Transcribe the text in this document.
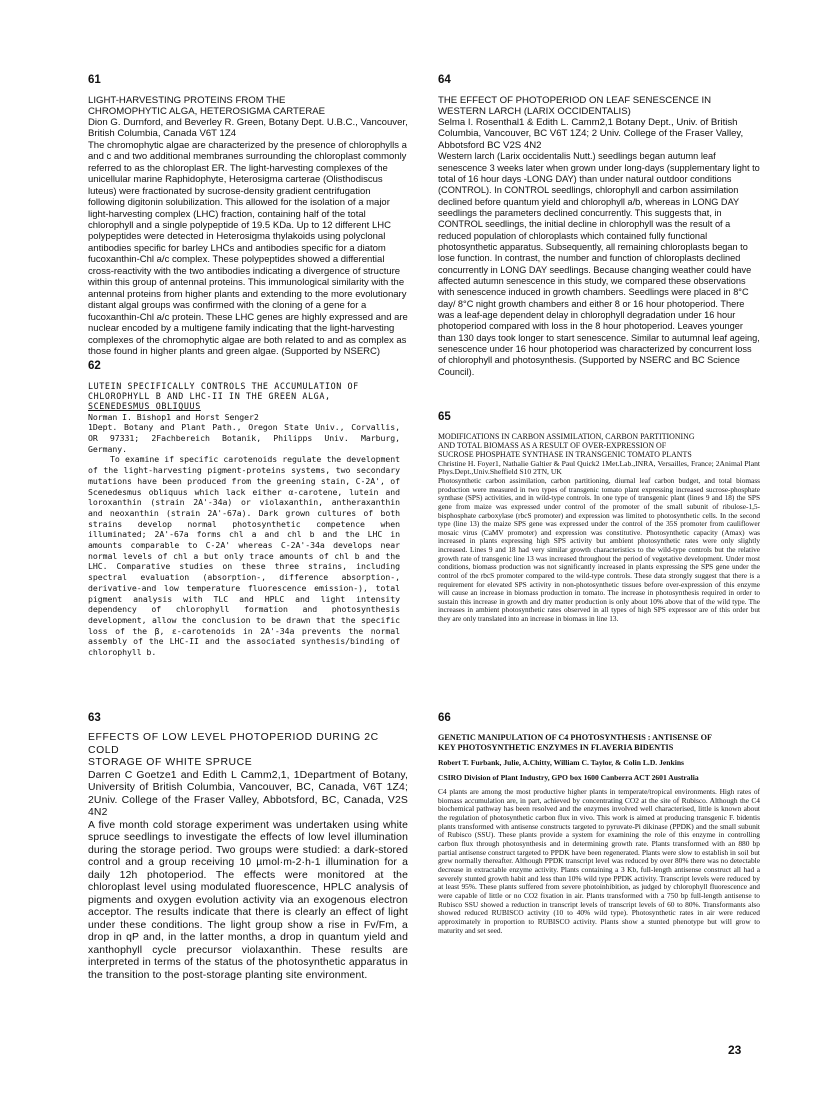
61
LIGHT-HARVESTING PROTEINS FROM THE
CHROMOPHYTIC ALGA, HETEROSIGMA CARTERAE
Dion G. Durnford, and Beverley R. Green, Botany Dept. U.B.C., Vancouver, British Columbia, Canada V6T 1Z4
The chromophytic algae are characterized by the presence of chlorophylls a and c and two additional membranes surrounding the chloroplast commonly referred to as the chloroplast ER. The light-harvesting complexes of the unicellular marine Raphidophyte, Heterosigma carterae (Olisthodiscus luteus) were fractionated by sucrose-density gradient centrifugation following digitonin solubilization. This allowed for the isolation of a major light-harvesting complex (LHC) fraction, containing half of the total chlorophyll and a single polypeptide of 19.5 KDa. Up to 12 different LHC polypeptides were detected in Heterosigma thylakoids using polyclonal antibodies specific for barley LHCs and antibodies specific for a diatom fucoxanthin-Chl a/c complex. These polypeptides showed a differential cross-reactivity with the two antibodies indicating a divergence of structure within this group of antennal proteins. This immunological similarity with the antennal proteins from higher plants and extending to the more evolutionary distant algal groups was confirmed with the cloning of a gene for a fucoxanthin-Chl a/c protein. These LHC genes are highly expressed and are nuclear encoded by a multigene family indicating that the light-harvesting complexes of the chromophytic algae are both related to and as complex as those found in higher plants and green algae. (Supported by NSERC)
62
LUTEIN SPECIFICALLY CONTROLS THE ACCUMULATION OF
CHLOROPHYLL B AND LHC-II IN THE GREEN ALGA,
SCENEDESMUS OBLIQUUS
Norman I. Bishop1 and Horst Senger2
1Dept. Botany and Plant Path., Oregon State Univ., Corvallis, OR 97331; 2Fachbereich Botanik, Philipps Univ. Marburg, Germany.
To examine if specific carotenoids regulate the development of the light-harvesting pigment-proteins systems, two secondary mutations have been produced from the greening stain, C-2A', of Scenedesmus obliquus which lack either α-carotene, lutein and loroxanthin (strain 2A'-34a) or violaxanthin, antheraxanthin and neoxanthin (strain 2A'-67a). Dark grown cultures of both strains develop normal photosynthetic competence when illuminated; 2A'-67a forms chl a and chl b and the LHC in amounts comparable to C-2A' whereas C-2A'-34a develops near normal levels of chl a but only trace amounts of chl b and the LHC. Comparative studies on these three strains, including spectral evaluation (absorption-, difference absorption-, derivative-and low temperature fluorescence emission-), total pigment analysis with TLC and HPLC and light intensity dependency of chlorophyll formation and photosynthesis development, allow the conclusion to be drawn that the specific loss of the β, ε-carotenoids in 2A'-34a prevents the normal assembly of the LHC-II and the associated synthesis/binding of chlorophyll b.
63
EFFECTS OF LOW LEVEL PHOTOPERIOD DURING 2C COLD
STORAGE OF WHITE SPRUCE
Darren C Goetze1 and Edith L Camm2,1, 1Department of Botany, University of British Columbia, Vancouver, BC, Canada, V6T 1Z4; 2Univ. College of the Fraser Valley, Abbotsford, BC, Canada, V2S 4N2
A five month cold storage experiment was undertaken using white spruce seedlings to investigate the effects of low level illumination during the storage period. Two groups were studied: a dark-stored control and a group receiving 10 µmol·m-2·h-1 illumination for a daily 12h photoperiod. The effects were monitored at the chloroplast level using modulated fluorescence, HPLC analysis of pigments and oxygen evolution activity via an exogenous electron acceptor. The results indicate that there is clearly an effect of light under these conditions. The light group show a rise in Fv/Fm, a drop in qP and, in the latter months, a drop in quantum yield and xanthophyll cycle precursor violaxanthin. These results are interpreted in terms of the status of the photosynthetic apparatus in the transition to the post-storage planting site environment.
64
THE EFFECT OF PHOTOPERIOD ON LEAF SENESCENCE IN
WESTERN LARCH (LARIX OCCIDENTALIS)
Selma I. Rosenthal1 & Edith L. Camm2,1 Botany Dept., Univ. of British Columbia, Vancouver, BC V6T 1Z4; 2 Univ. College of the Fraser Valley, Abbotsford BC V2S 4N2
Western larch (Larix occidentalis Nutt.) seedlings began autumn leaf senescence 3 weeks later when grown under long-days (supplementary light to total of 16 hour days -LONG DAY) than under natural outdoor conditions (CONTROL). In CONTROL seedlings, chlorophyll and carbon assimilation declined before quantum yield and chlorophyll a/b, whereas in LONG DAY seedlings the parameters declined concurrently. This suggests that, in CONTROL seedlings, the initial decline in chlorophyll was the result of a reduced population of chloroplasts which contained fully functional photosynthetic apparatus. Subsequently, all remaining chloroplasts began to lose function. In contrast, the number and function of chloroplasts declined concurrently in LONG DAY seedlings. Because changing weather could have affected autumn senescence in this study, we compared these observations with senescence induced in growth chambers. Seedlings were placed in 8°C day/ 8°C night growth chambers and either 8 or 16 hour photoperiod. There was a leaf-age dependent delay in chlorophyll degradation under 16 hour photoperiod compared with loss in the 8 hour photoperiod. Leaves younger than 130 days took longer to start senescence. Similar to autumnal leaf ageing, senescence under 16 hour photoperiod was characterized by concurrent loss of chlorophyll and photosynthesis. (Supported by NSERC and BC Science Council).
65
MODIFICATIONS IN CARBON ASSIMILATION, CARBON PARTITIONING
AND TOTAL BIOMASS AS A RESULT OF OVER-EXPRESSION OF
SUCROSE PHOSPHATE SYNTHASE IN TRANSGENIC TOMATO PLANTS
Christine H. Foyer1, Nathalie Galtier & Paul Quick2 1Met.Lab.,INRA, Versailles, France; 2Animal Plant Phys.Dept.,Univ.Sheffield S10 2TN, UK
Photosynthetic carbon assimilation, carbon partitioning, diurnal leaf carbon budget, and total biomass production were measured in two types of transgenic tomato plant expressing increased sucrose-phosphate synthase (SPS) activities, and in wild-type controls. In one type of transgenic plant (lines 9 and 18) the SPS gene from maize was expressed under control of the promoter of the small subunit of ribulose-1,5-bisphosphate carboxylase (rbcS promoter) and expression was limited to photosynthetic cells. In the second type (line 13) the maize SPS gene was expressed under the control of the 35S promoter from cauliflower mosaic virus (CaMV promoter) and expression was constitutive. Photosynthetic capacity (Amax) was increased in plants expressing high SPS activity but ambient photosynthetic rates were only slightly increased. Lines 9 and 18 had very similar growth characteristics to the wild-type controls but the relative growth rate of transgenic line 13 was increased throughout the period of vegetative development. Under most conditions, biomass production was not significantly increased in plants expressing the SPS gene under the control of the rbcS promoter compared to the wild-type controls. These data strongly suggest that there is a requirement for elevated SPS activity in non-photosynthetic tissues before over-expression of this enzyme will cause an increase in biomass production in tomato. The increase in photosynthesis required in order to sustain this increase in growth and dry matter production is only about 10% above that of the wild type. The increases in ambient photosynthetic rates observed in all types of high SPS expressor are of this order but they are only translated into an increase in biomass in line 13.
66
GENETIC MANIPULATION OF C4 PHOTOSYNTHESIS : ANTISENSE OF
KEY PHOTOSYNTHETIC ENZYMES IN FLAVERIA BIDENTIS
Robert T. Furbank, Julie, A.Chitty, William C. Taylor, & Colin L.D. Jenkins
CSIRO Division of Plant Industry, GPO box 1600 Canberra ACT 2601 Australia
C4 plants are among the most productive higher plants in temperate/tropical environments. High rates of biomass accumulation are, in part, achieved by concentrating CO2 at the site of Rubisco. Although the C4 biochemical pathway has been resolved and the enzymes involved well characterised, little is known about the regulation of photosynthetic carbon flux in vivo. This work is aimed at producing transgenic F. bidentis plants transformed with antisense constructs targeted to pyruvate-Pi dikinase (PPDK) and the small subunit of Rubisco (SSU). These plants provide a system for examining the role of this enzyme in controlling carbon flux through photosynthesis and in determining growth rate. Plants transformed with an 880 bp partial antisense construct targeted to PPDK have been regenerated. Plants were slow to establish in soil but grew normally thereafter. Although PPDK transcript level was reduced by over 80% there was no detectable decrease in extractable enzyme activity. Plants containing a 3 Kb, full-length antisense construct all had a severely stunted growth habit and less than 10% wild type PPDK activity. Transcript levels were reduced by at least 95%. These plants suffered from severe photoinhibition, as judged by chlorophyll fluorescence and were capable of little or no CO2 fixation in air. Plants transformed with a 750 bp full-length antisense to Rubisco SSU showed a reduction in transcript levels of transcript levels of 60 to 80%. Transformants also showed reduced RUBISCO activity (10 to 40% wild type). Photosynthetic rates in air were reduced approximately in proportion to RUBISCO activity. Plants show a stunted phenotype but will grow to maturity and set seed.
23
